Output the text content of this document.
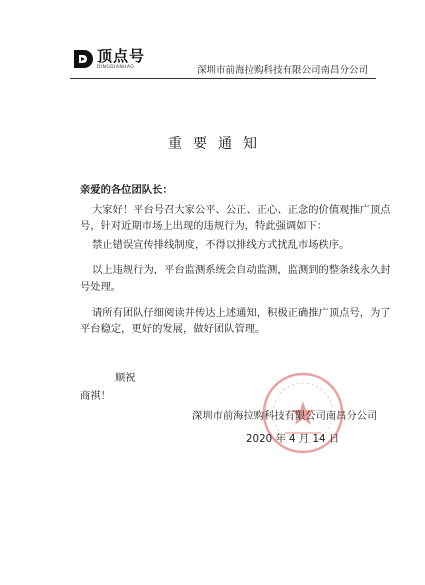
顶点号
DINGDIANHAO	深圳市前海拉购科技有限公司南昌分公司
重要通知
亲爱的各位团队长：
大家好！平台号召大家公平、公正、正心、正念的价值观推广顶点
号，针对近期市场上出现的违规行为，特此强调如下：
禁止错误宣传排线制度，不得以排线方式扰乱市场秩序。
以上违规行为，平台监测系统会自动监测，监测到的整条线永久封
号处理。
请所有团队仔细阅读并传达上述通知，积极正确推广顶点号，为了
平台稳定，更好的发展，做好团队管理。
顺祝
商祺！
深圳市前海拉购科技有限公司南昌分公司
2020 年 4 月 14 日
